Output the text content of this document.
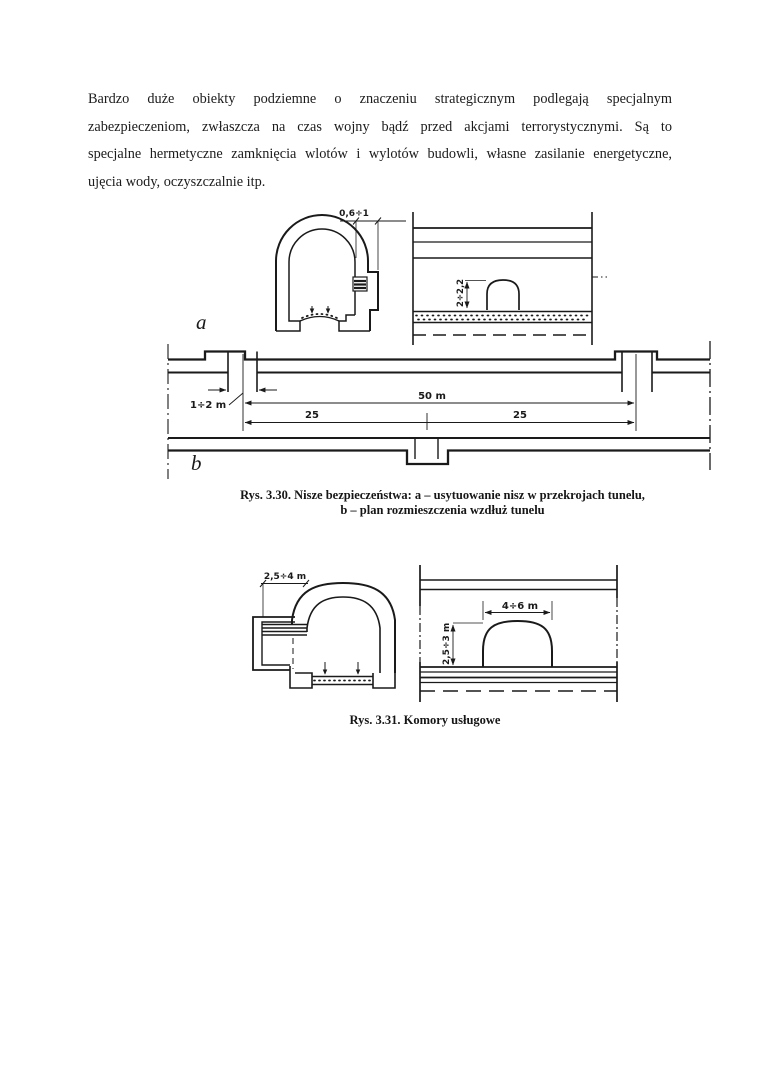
Bardzo duże obiekty podziemne o znaczeniu strategicznym podlegają specjalnym
zabezpieczeniom, zwłaszcza na czas wojny bądź przed akcjami terrorystycznymi. Są to
specjalne hermetyczne zamknięcia wlotów i wylotów budowli, własne zasilanie energetyczne,
ujęcia wody, oczyszczalnie itp.
0,6÷1
a
2÷2,2
1÷2 m
50 m
25	25
b
Rys. 3.30. Nisze bezpieczeństwa: a – usytuowanie nisz w przekrojach tunelu,
b – plan rozmieszczenia wzdłuż tunelu
2,5÷4 m
4÷6 m
2,5÷3 m
Rys. 3.31. Komory usługowe
